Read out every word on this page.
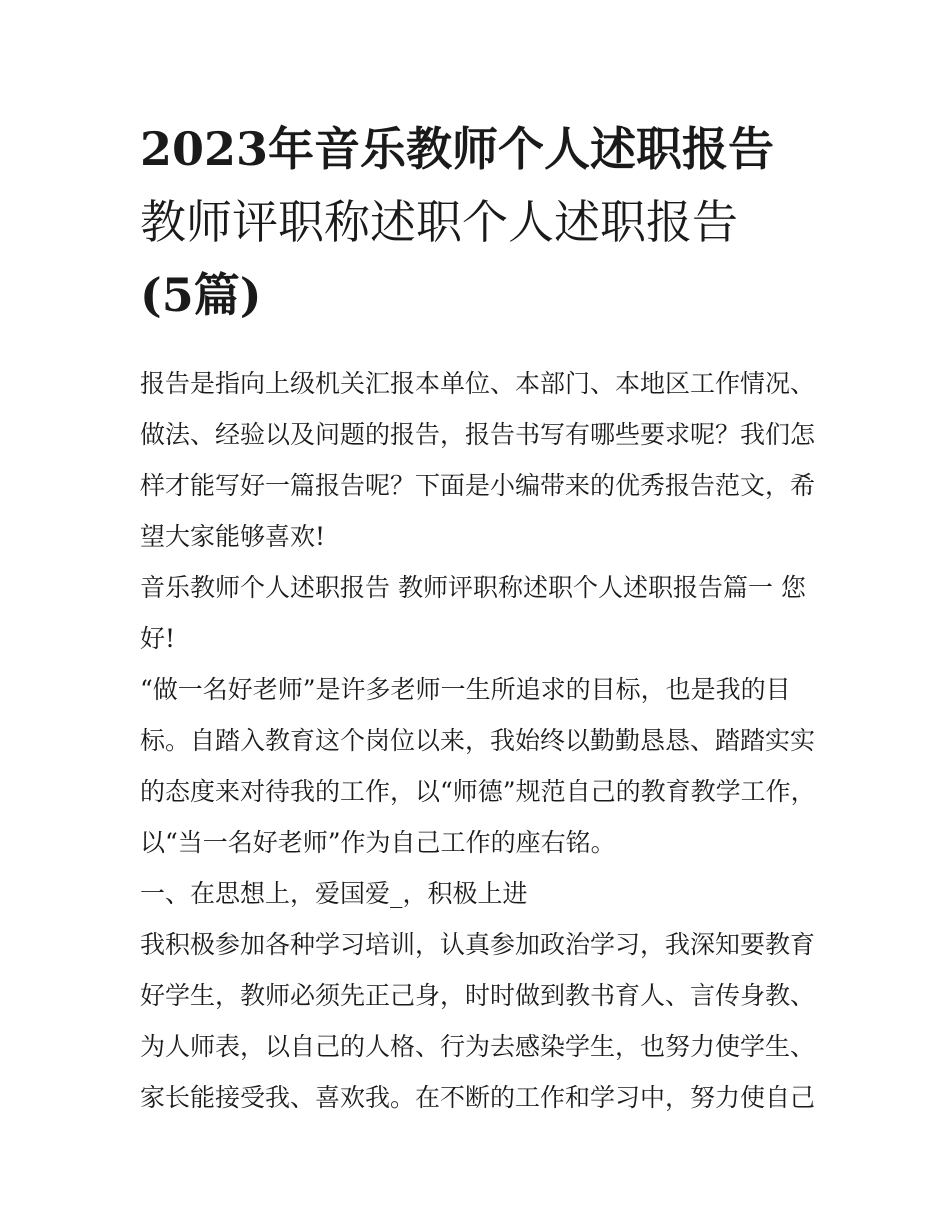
2023年音乐教师个人述职报告
教师评职称述职个人述职报告
(5篇)
报告是指向上级机关汇报本单位、本部门、本地区工作情况、
做法、经验以及问题的报告，报告书写有哪些要求呢？我们怎
样才能写好一篇报告呢？下面是小编带来的优秀报告范文，希
望大家能够喜欢!
音乐教师个人述职报告 教师评职称述职个人述职报告篇一 您
好!
“做一名好老师”是许多老师一生所追求的目标，也是我的目
标。自踏入教育这个岗位以来，我始终以勤勤恳恳、踏踏实实
的态度来对待我的工作，以“师德”规范自己的教育教学工作，
以“当一名好老师”作为自己工作的座右铭。
一、在思想上，爱国爱_，积极上进
我积极参加各种学习培训，认真参加政治学习，我深知要教育
好学生，教师必须先正己身，时时做到教书育人、言传身教、
为人师表，以自己的人格、行为去感染学生，也努力使学生、
家长能接受我、喜欢我。在不断的工作和学习中，努力使自己
